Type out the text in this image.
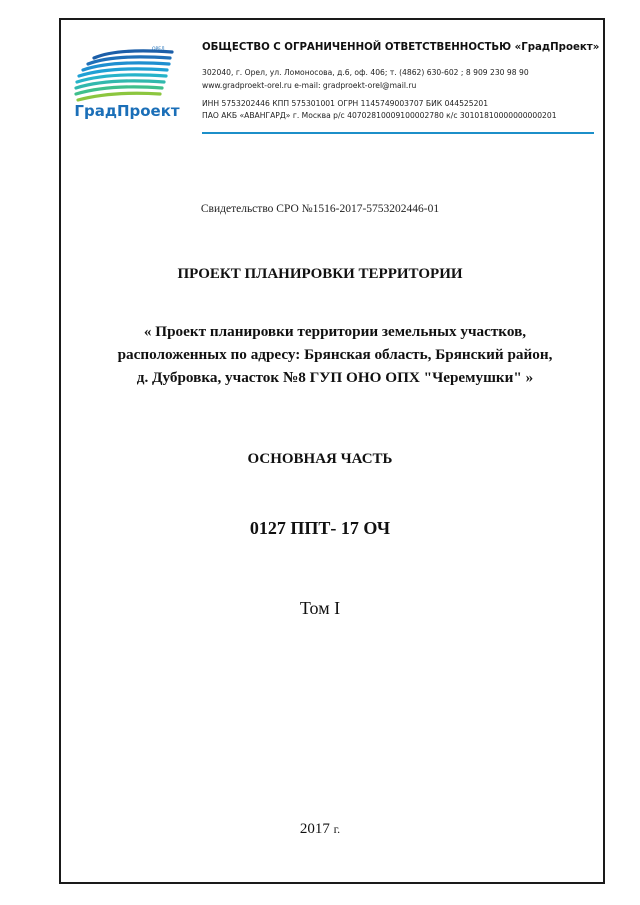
ОРЕЛ
ГрадПроект
ОБЩЕСТВО С ОГРАНИЧЕННОЙ ОТВЕТСТВЕННОСТЬЮ «ГрадПроект»
302040, г. Орел, ул. Ломоносова, д.6, оф. 406; т. (4862) 630-602 ; 8 909 230 98 90
www.gradproekt-orel.ru e-mail: gradproekt-orel@mail.ru
ИНН 5753202446 КПП 575301001 ОГРН 1145749003707 БИК 044525201
ПАО АКБ «АВАНГАРД» г. Москва р/с 40702810009100002780 к/с 30101810000000000201
Свидетельство СРО №1516-2017-5753202446-01
ПРОЕКТ ПЛАНИРОВКИ ТЕРРИТОРИИ
« Проект планировки территории земельных участков,
расположенных по адресу: Брянская область, Брянский район,
д. Дубровка, участок №8 ГУП ОНО ОПХ "Черемушки" »
ОСНОВНАЯ ЧАСТЬ
0127 ППТ- 17 ОЧ
Том I
2017 г.
